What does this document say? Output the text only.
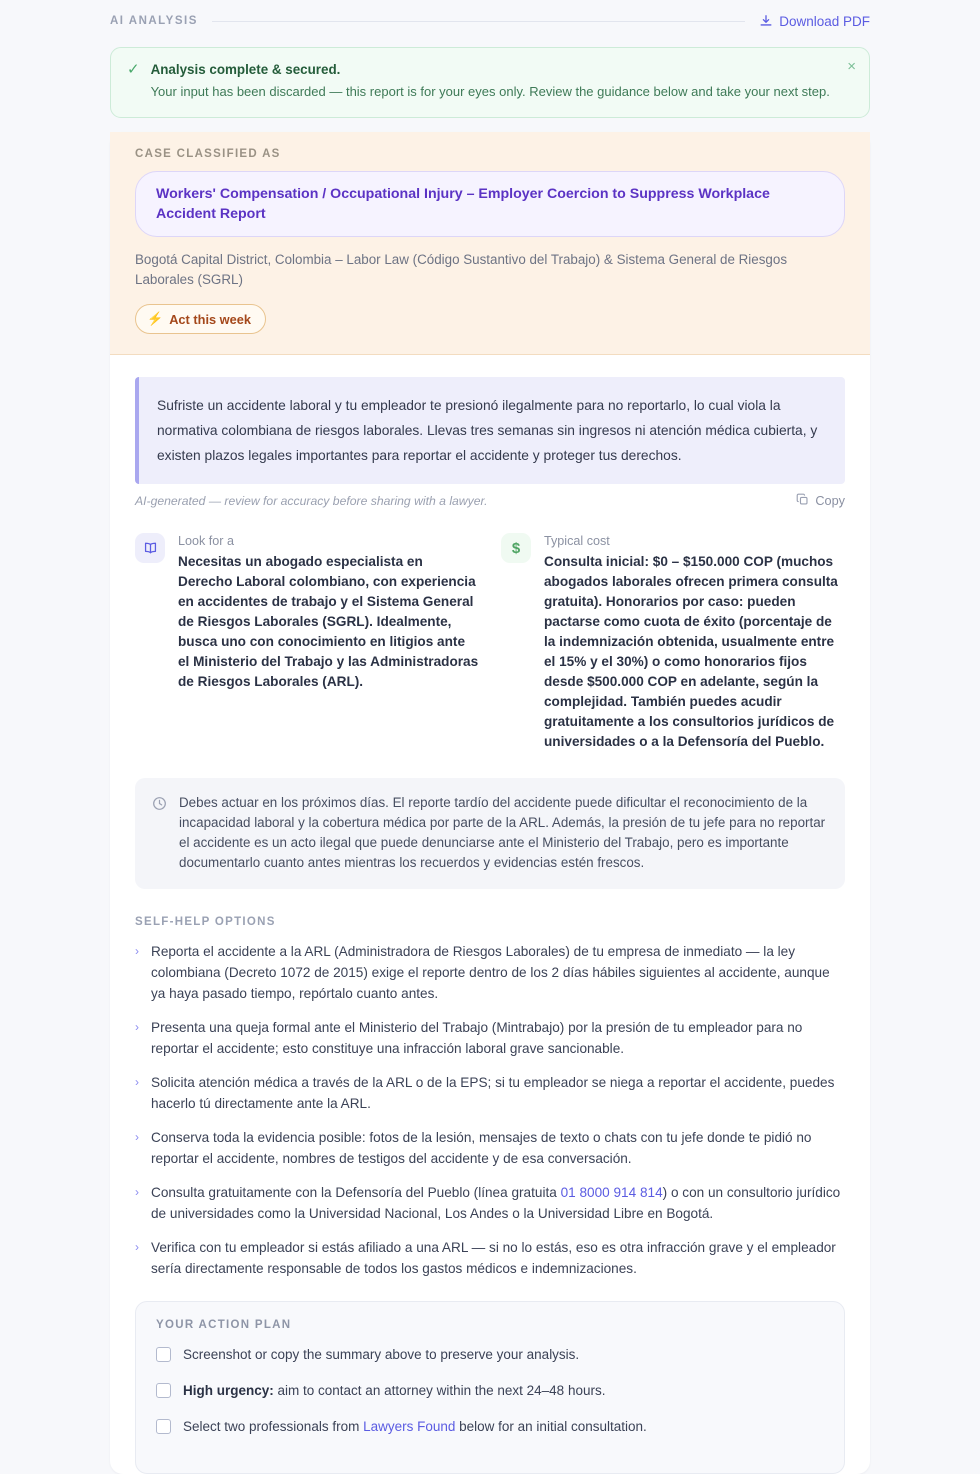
AI ANALYSIS	Download PDF
✓ Analysis complete & secured.
Your input has been discarded — this report is for your eyes only. Review the guidance below and take your next step.
×
CASE CLASSIFIED AS
Workers' Compensation / Occupational Injury – Employer Coercion to Suppress Workplace Accident Report
Bogotá Capital District, Colombia – Labor Law (Código Sustantivo del Trabajo) & Sistema General de Riesgos Laborales (SGRL)
⚡ Act this week
Sufriste un accidente laboral y tu empleador te presionó ilegalmente para no reportarlo, lo cual viola la normativa colombiana de riesgos laborales. Llevas tres semanas sin ingresos ni atención médica cubierta, y existen plazos legales importantes para reportar el accidente y proteger tus derechos.
AI-generated — review for accuracy before sharing with a lawyer.	Copy
Look for a
Necesitas un abogado especialista en Derecho Laboral colombiano, con experiencia en accidentes de trabajo y el Sistema General de Riesgos Laborales (SGRL). Idealmente, busca uno con conocimiento en litigios ante el Ministerio del Trabajo y las Administradoras de Riesgos Laborales (ARL).
$	Typical cost
Consulta inicial: $0 – $150.000 COP (muchos abogados laborales ofrecen primera consulta gratuita). Honorarios por caso: pueden pactarse como cuota de éxito (porcentaje de la indemnización obtenida, usualmente entre el 15% y el 30%) o como honorarios fijos desde $500.000 COP en adelante, según la complejidad. También puedes acudir gratuitamente a los consultorios jurídicos de universidades o a la Defensoría del Pueblo.
Debes actuar en los próximos días. El reporte tardío del accidente puede dificultar el reconocimiento de la incapacidad laboral y la cobertura médica por parte de la ARL. Además, la presión de tu jefe para no reportar el accidente es un acto ilegal que puede denunciarse ante el Ministerio del Trabajo, pero es importante documentarlo cuanto antes mientras los recuerdos y evidencias estén frescos.
SELF-HELP OPTIONS
› Reporta el accidente a la ARL (Administradora de Riesgos Laborales) de tu empresa de inmediato — la ley colombiana (Decreto 1072 de 2015) exige el reporte dentro de los 2 días hábiles siguientes al accidente, aunque ya haya pasado tiempo, repórtalo cuanto antes.
› Presenta una queja formal ante el Ministerio del Trabajo (Mintrabajo) por la presión de tu empleador para no reportar el accidente; esto constituye una infracción laboral grave sancionable.
› Solicita atención médica a través de la ARL o de la EPS; si tu empleador se niega a reportar el accidente, puedes hacerlo tú directamente ante la ARL.
› Conserva toda la evidencia posible: fotos de la lesión, mensajes de texto o chats con tu jefe donde te pidió no reportar el accidente, nombres de testigos del accidente y de esa conversación.
› Consulta gratuitamente con la Defensoría del Pueblo (línea gratuita 01 8000 914 814) o con un consultorio jurídico de universidades como la Universidad Nacional, Los Andes o la Universidad Libre en Bogotá.
› Verifica con tu empleador si estás afiliado a una ARL — si no lo estás, eso es otra infracción grave y el empleador sería directamente responsable de todos los gastos médicos e indemnizaciones.
YOUR ACTION PLAN
Screenshot or copy the summary above to preserve your analysis.
High urgency: aim to contact an attorney within the next 24–48 hours.
Select two professionals from Lawyers Found below for an initial consultation.
